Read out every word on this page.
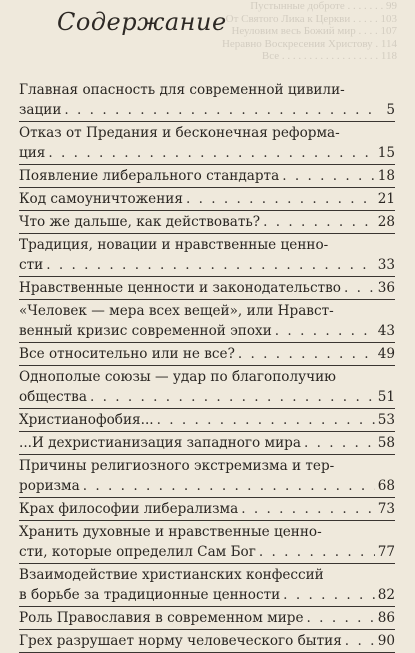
Пустынные доброте . . . . . . . 99
От Святого Лика к Церкви . . . . . 103
Неуловим весь Божий мир . . . . 107
Неравно Воскресения Христову . 114
Все . . . . . . . . . . . . . . . . . . 118
Содержание
Главная опасность для современной цивили-
зации . . .	5
Отказ от Предания и бесконечная реформа-
ция . . .	15
Появление либерального стандарта . . .	18
Код самоуничтожения . . .	21
Что же дальше, как действовать? . . .	28
Традиция, новации и нравственные ценно-
сти . . .	33
Нравственные ценности и законодательство . . .	36
«Человек — мера всех вещей», или Нравст-
венный кризис современной эпохи . . .	43
Все относительно или не все? . . .	49
Однополые союзы — удар по благополучию
общества . . .	51
Христианофобия... . . .	53
...И дехристианизация западного мира . . .	58
Причины религиозного экстремизма и тер-
роризма . . .	68
Крах философии либерализма . . .	73
Хранить духовные и нравственные ценно-
сти, которые определил Сам Бог . . .	77
Взаимодействие христианских конфессий
в борьбе за традиционные ценности . . .	82
Роль Православия в современном мире . . .	86
Грех разрушает норму человеческого бытия . . .	90
